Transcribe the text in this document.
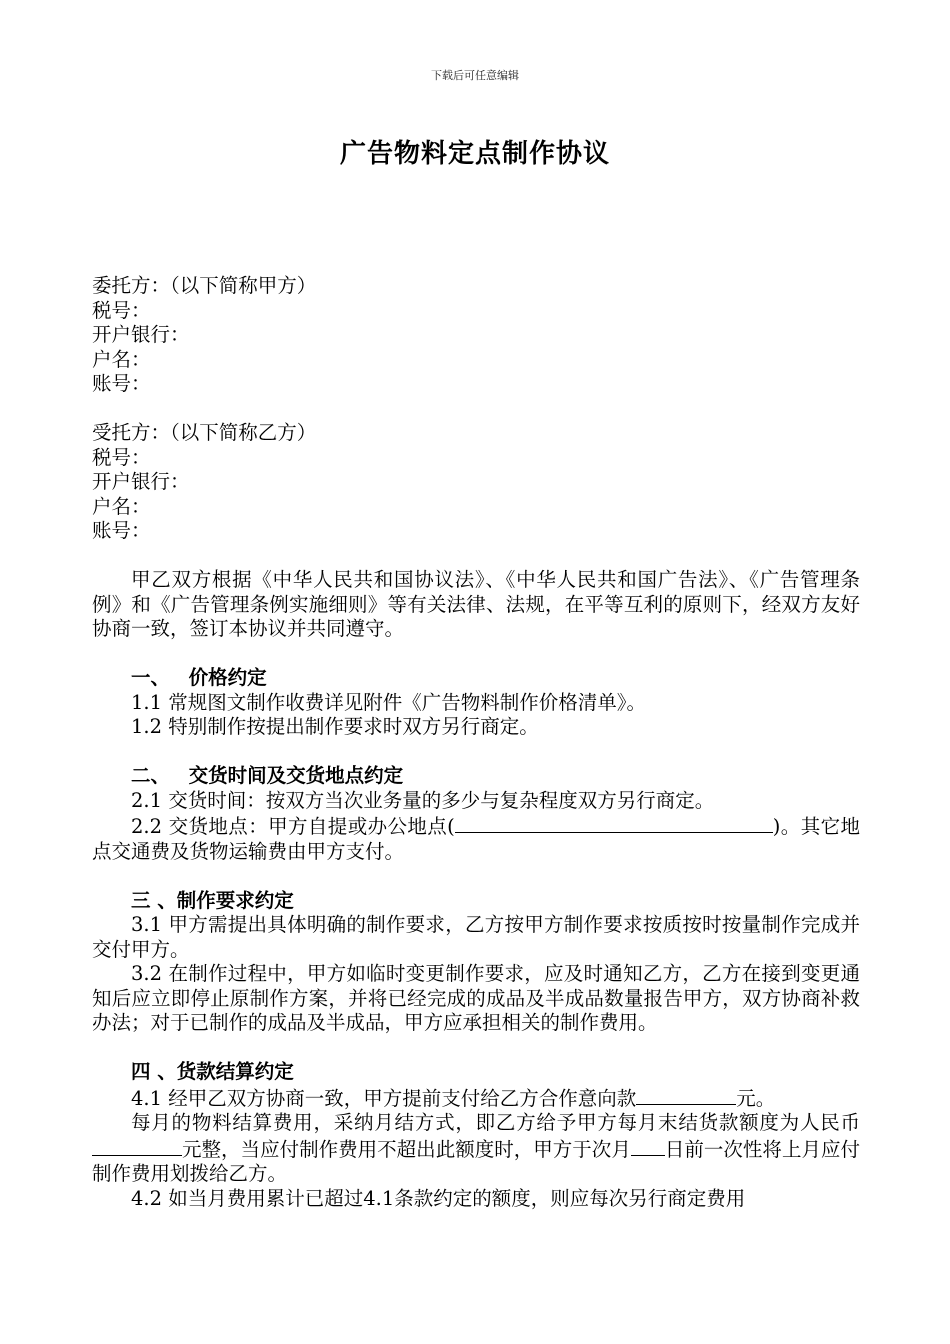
下载后可任意编辑
广告物料定点制作协议
委托方：（以下简称甲方）
税号：
开户银行：
户名：
账号：
受托方：（以下简称乙方）
税号：
开户银行：
户名：
账号：

甲乙双方根据《中华人民共和国协议法》、《中华人民共和国广告法》、《广告管理条例》和《广告管理条例实施细则》等有关法律、法规，在平等互利的原则下，经双方友好协商一致，签订本协议并共同遵守。

一、 价格约定

1.1 常规图文制作收费详见附件《广告物料制作价格清单》。

1.2 特别制作按提出制作要求时双方另行商定。

二、 交货时间及交货地点约定

2.1 交货时间：按双方当次业务量的多少与复杂程度双方另行商定。

2.2 交货地点：甲方自提或办公地点(	)。其它地点交通费及货物运输费由甲方支付。

三 、制作要求约定

3.1 甲方需提出具体明确的制作要求，乙方按甲方制作要求按质按时按量制作完成并交付甲方。

3.2 在制作过程中，甲方如临时变更制作要求，应及时通知乙方，乙方在接到变更通知后应立即停止原制作方案，并将已经完成的成品及半成品数量报告甲方，双方协商补救办法；对于已制作的成品及半成品，甲方应承担相关的制作费用。

四 、货款结算约定

4.1 经甲乙双方协商一致，甲方提前支付给乙方合作意向款	元。

每月的物料结算费用，采纳月结方式，即乙方给予甲方每月末结货款额度为人民币元整，当应付制作费用不超出此额度时，甲方于次月 日前一次性将上月应付制作费用划拨给乙方。

4.2 如当月费用累计已超过4.1条款约定的额度，则应每次另行商定费用
